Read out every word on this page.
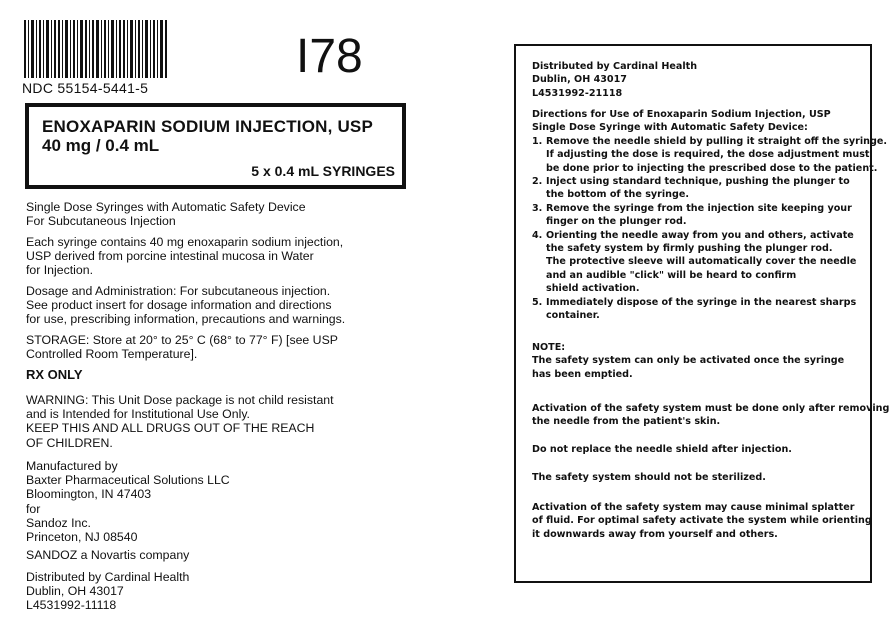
NDC 55154-5441-5
I78
ENOXAPARIN SODIUM INJECTION, USP
40 mg / 0.4 mL
5 x 0.4 mL SYRINGES
Single Dose Syringes with Automatic Safety Device
For Subcutaneous Injection
Each syringe contains 40 mg enoxaparin sodium injection,
USP derived from porcine intestinal mucosa in Water
for Injection.
Dosage and Administration: For subcutaneous injection.
See product insert for dosage information and directions
for use, prescribing information, precautions and warnings.
STORAGE: Store at 20° to 25° C (68° to 77° F) [see USP
Controlled Room Temperature].
RX ONLY
WARNING: This Unit Dose package is not child resistant
and is Intended for Institutional Use Only.
KEEP THIS AND ALL DRUGS OUT OF THE REACH
OF CHILDREN.
Manufactured by
Baxter Pharmaceutical Solutions LLC
Bloomington, IN 47403
for
Sandoz Inc.
Princeton, NJ 08540
SANDOZ a Novartis company
Distributed by Cardinal Health
Dublin, OH 43017
L4531992-11118
Distributed by Cardinal Health
Dublin, OH 43017
L4531992-21118
Directions for Use of Enoxaparin Sodium Injection, USP
Single Dose Syringe with Automatic Safety Device:
1. Remove the needle shield by pulling it straight off the syringe.
If adjusting the dose is required, the dose adjustment must
be done prior to injecting the prescribed dose to the patient.
2. Inject using standard technique, pushing the plunger to
the bottom of the syringe.
3. Remove the syringe from the injection site keeping your
finger on the plunger rod.
4. Orienting the needle away from you and others, activate
the safety system by firmly pushing the plunger rod.
The protective sleeve will automatically cover the needle
and an audible "click" will be heard to confirm
shield activation.
5. Immediately dispose of the syringe in the nearest sharps
container.
NOTE:
The safety system can only be activated once the syringe
has been emptied.
Activation of the safety system must be done only after removing
the needle from the patient's skin.
Do not replace the needle shield after injection.
The safety system should not be sterilized.
Activation of the safety system may cause minimal splatter
of fluid. For optimal safety activate the system while orienting
it downwards away from yourself and others.
